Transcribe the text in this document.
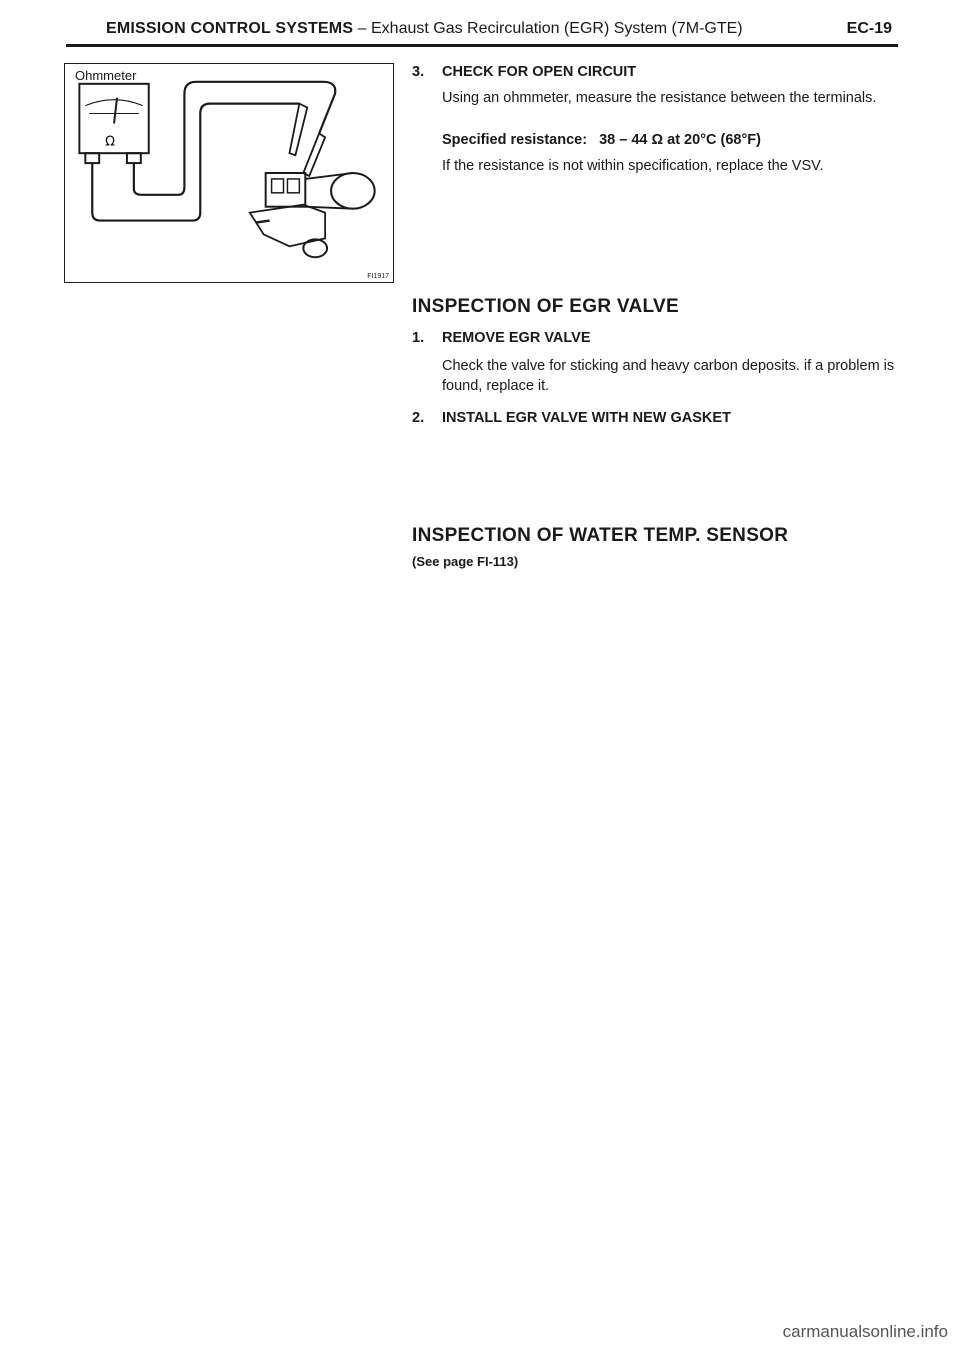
EMISSION CONTROL SYSTEMS – Exhaust Gas Recirculation (EGR) System (7M-GTE)	EC-19
Ω
Ohmmeter
FI1917
3. CHECK FOR OPEN CIRCUIT
Using an ohmmeter, measure the resistance between the terminals.
Specified resistance: 38 – 44 Ω at 20°C (68°F)
If the resistance is not within specification, replace the VSV.
INSPECTION OF EGR VALVE
1. REMOVE EGR VALVE
Check the valve for sticking and heavy carbon deposits. if a problem is found, replace it.
2. INSTALL EGR VALVE WITH NEW GASKET
INSPECTION OF WATER TEMP. SENSOR
(See page FI-113)
carmanualsonline.info
